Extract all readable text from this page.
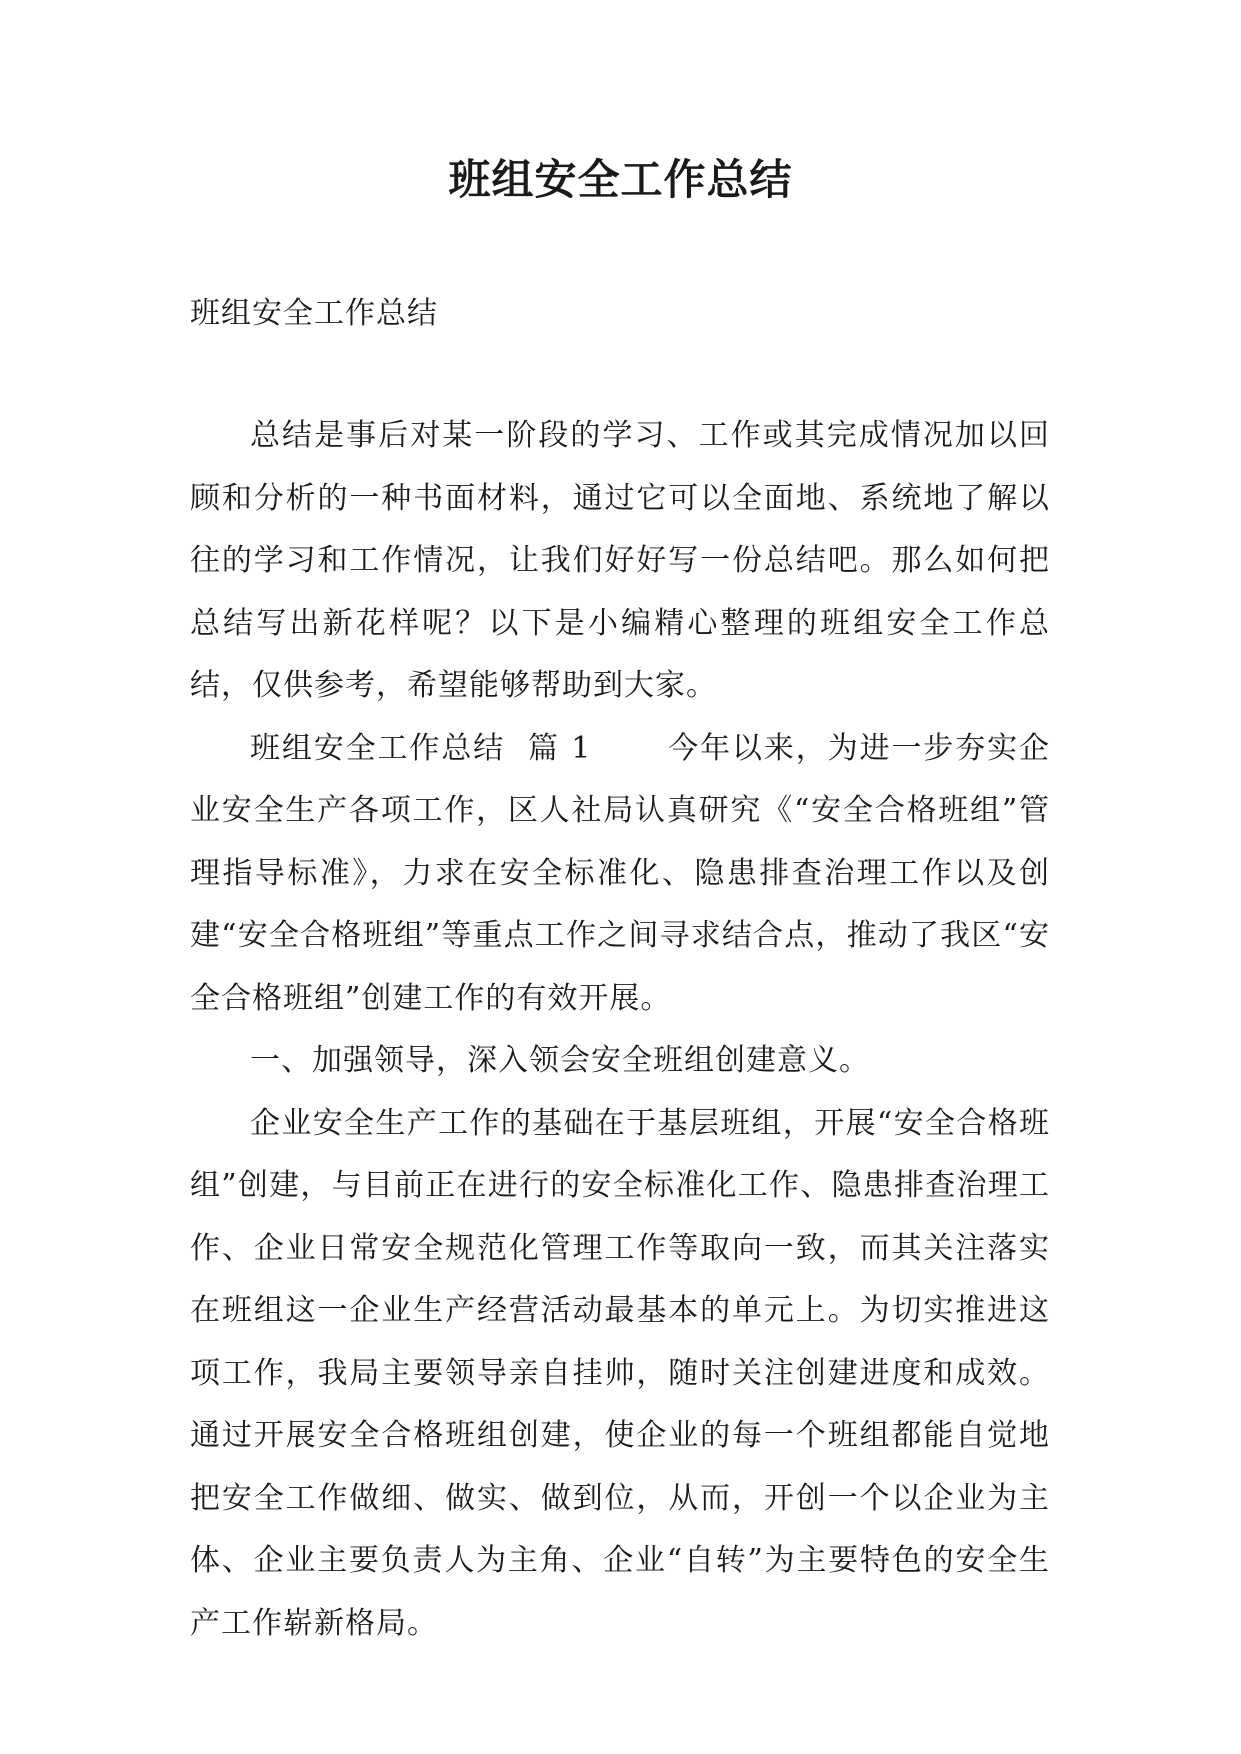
班组安全工作总结
班组安全工作总结

总结是事后对某一阶段的学习、工作或其完成情况加以回顾和分析的一种书面材料，通过它可以全面地、系统地了解以往的学习和工作情况，让我们好好写一份总结吧。那么如何把总结写出新花样呢？以下是小编精心整理的班组安全工作总结，仅供参考，希望能够帮助到大家。

班组安全工作总结 篇 1	今年以来，为进一步夯实企业安全生产各项工作，区人社局认真研究《“安全合格班组”管理指导标准》，力求在安全标准化、隐患排查治理工作以及创建“安全合格班组”等重点工作之间寻求结合点，推动了我区“安全合格班组”创建工作的有效开展。

一、加强领导，深入领会安全班组创建意义。

企业安全生产工作的基础在于基层班组，开展“安全合格班组”创建，与目前正在进行的安全标准化工作、隐患排查治理工作、企业日常安全规范化管理工作等取向一致，而其关注落实在班组这一企业生产经营活动最基本的单元上。为切实推进这项工作，我局主要领导亲自挂帅，随时关注创建进度和成效。通过开展安全合格班组创建，使企业的每一个班组都能自觉地把安全工作做细、做实、做到位，从而，开创一个以企业为主体、企业主要负责人为主角、企业“自转”为主要特色的安全生产工作崭新格局。
